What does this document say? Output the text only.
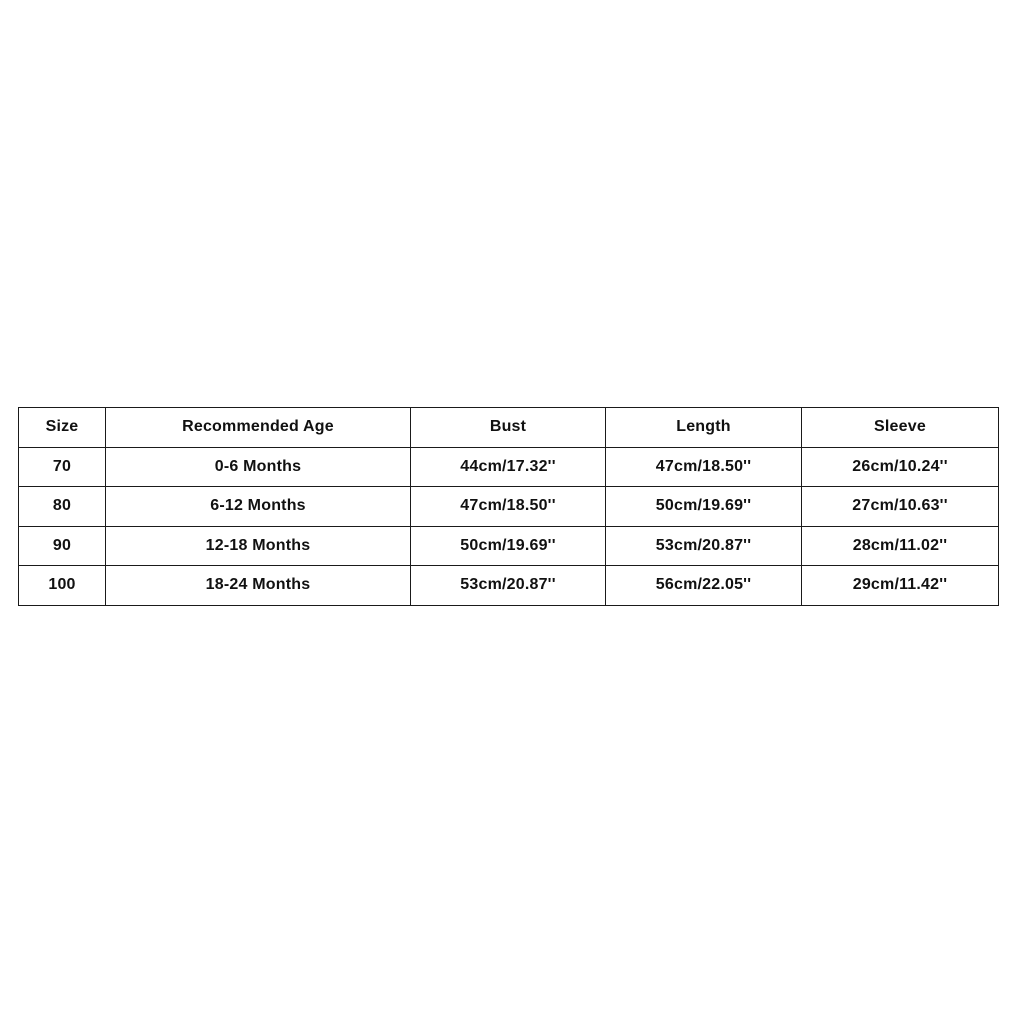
Size	Recommended Age	Bust	Length	Sleeve
70	0-6 Months	44cm/17.32''	47cm/18.50''	26cm/10.24''
80	6-12 Months	47cm/18.50''	50cm/19.69''	27cm/10.63''
90	12-18 Months	50cm/19.69''	53cm/20.87''	28cm/11.02''
100	18-24 Months	53cm/20.87''	56cm/22.05''	29cm/11.42''
